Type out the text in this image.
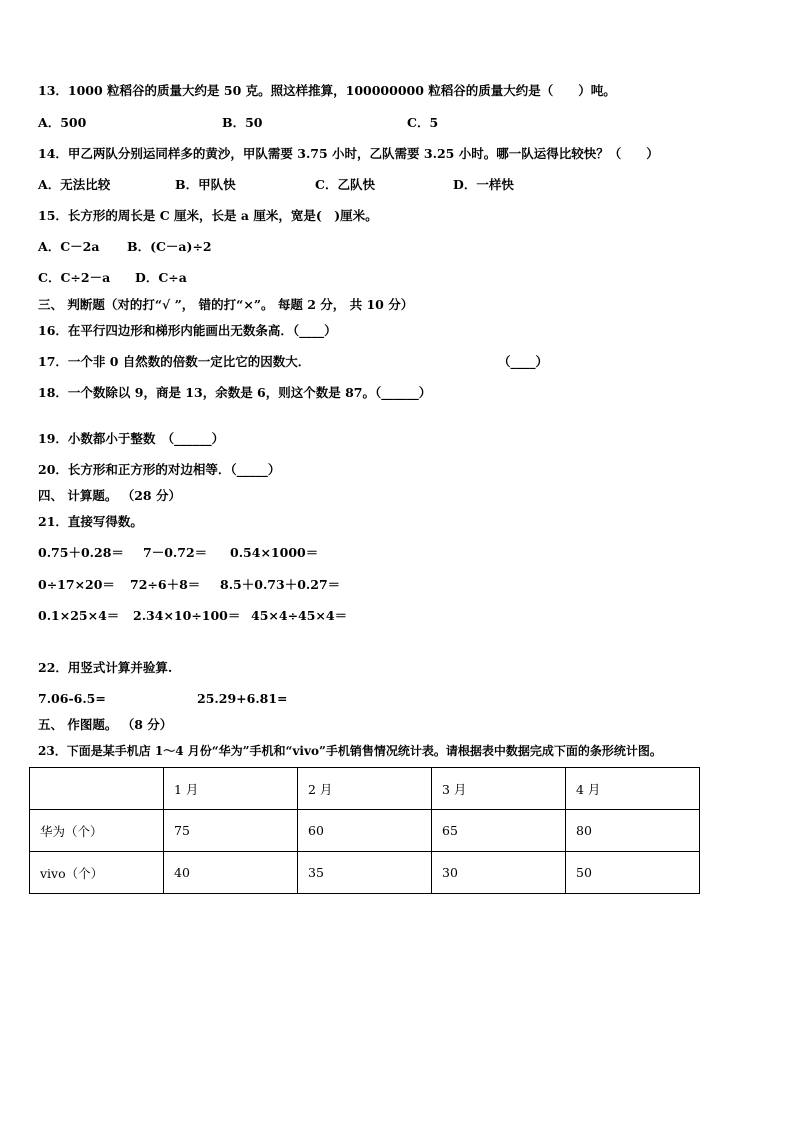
13．1000 粒稻谷的质量大约是 50 克。照这样推算，100000000 粒稻谷的质量大约是（　　）吨。
A．500	B．50	C．5
14．甲乙两队分别运同样多的黄沙，甲队需要 3.75 小时，乙队需要 3.25 小时。哪一队运得比较快？（　　）
A．无法比较	B．甲队快	C．乙队快	D．一样快
15．长方形的周长是 C 厘米，长是 a 厘米，宽是(　)厘米。
A．C－2a B．(C－a)÷2
C．C÷2－a D．C÷a
三、 判断题（对的打“√ ”， 错的打“×”。 每题 2 分， 共 10 分）
16．在平行四边形和梯形内能画出无数条高．（____）
17．一个非 0 自然数的倍数一定比它的因数大．	（____）
18．一个数除以 9，商是 13，余数是 6，则这个数是 87。（______）
19．小数都小于整数　（______）
20．长方形和正方形的对边相等．（_____）
四、 计算题。 （28 分）
21．直接写得数。
0.75＋0.28＝ 7－0.72＝ 0.54×1000＝
0÷17×20＝ 72÷6＋8＝ 8.5＋0.73＋0.27＝
0.1×25×4＝ 2.34×10÷100＝ 45×4÷45×4＝
22．用竖式计算并验算.
7.06-6.5=	25.29+6.81=
五、 作图题。 （8 分）
23．下面是某手机店 1～4 月份“华为”手机和“vivo”手机销售情况统计表。请根据表中数据完成下面的条形统计图。
	1 月	2 月	3 月	4 月
华为（个）	75	60	65	80
vivo（个）	40	35	30	50
